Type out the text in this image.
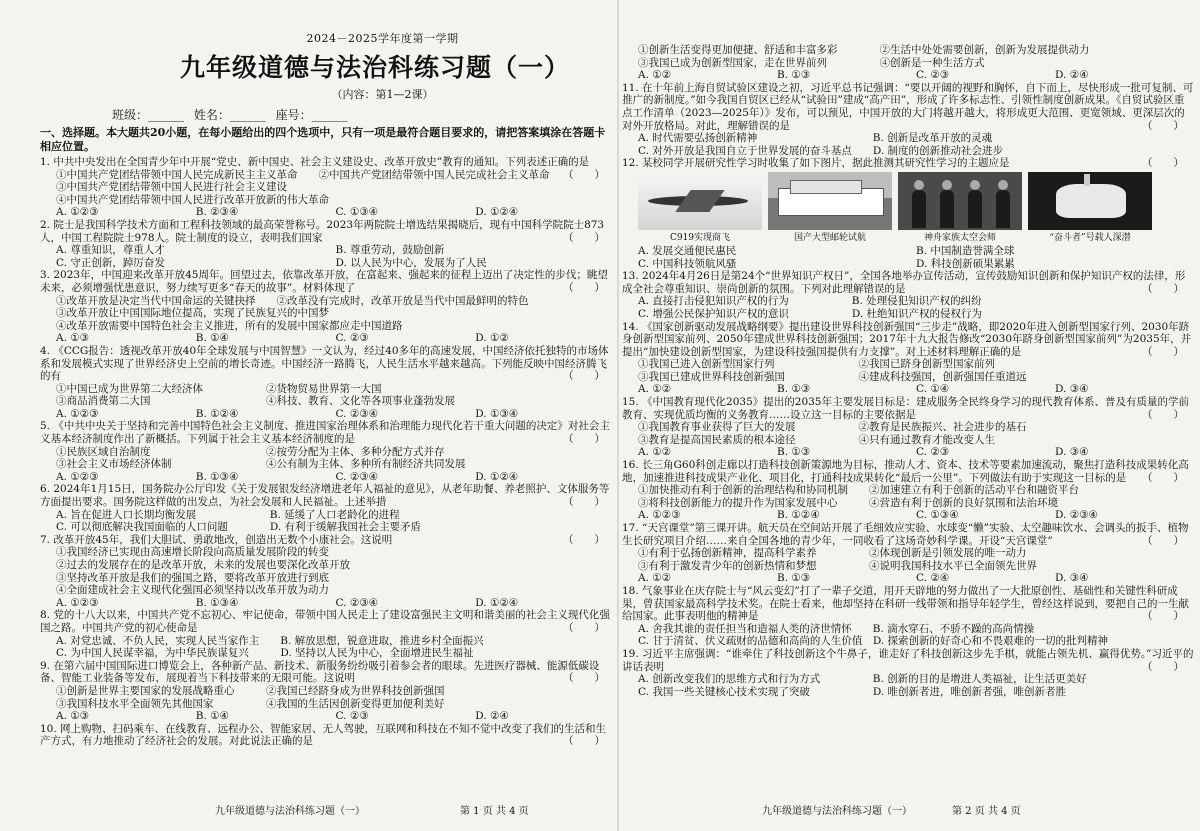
2024－2025学年度第一学期
九年级道德与法治科练习题（一）
（内容：第1—2课）
班级：______ 姓名：______ 座号：______
一、选择题。本大题共20小题，在每小题给出的四个选项中，只有一项是最符合题目要求的，请把答案填涂在答题卡相应位置。
1. 中共中央发出在全国青少年中开展“党史、新中国史、社会主义建设史、改革开放史”教育的通知。下列表述正确的是
（　　）
①中国共产党团结带领中国人民完成新民主主义革命　　②中国共产党团结带领中国人民完成社会主义革命
③中国共产党团结带领中国人民进行社会主义建设
④中国共产党团结带领中国人民进行改革开放新的伟大革命
A. ①②③	B. ②③④	C. ①③④	D. ①②④
2. 院士是我国科学技术方面和工程科技领域的最高荣誉称号。2023年两院院士增选结果揭晓后，现有中国科学院院士873人，中国工程院院士978人。院士制度的设立，表明我们国家	（　　）
A. 尊重知识，尊重人才	B. 尊重劳动，鼓励创新
C. 守正创新，踔厉奋发	D. 以人民为中心，发展为了人民
3. 2023年，中国迎来改革开放45周年。回望过去，依靠改革开放，在富起来、强起来的征程上迈出了决定性的步伐；眺望未来，必须增强忧患意识，努力续写更多“春天的故事”。材料体现了	（　　）
①改革开放是决定当代中国命运的关键抉择　　②改革没有完成时，改革开放是当代中国最鲜明的特色
③改革开放让中国国际地位提高，实现了民族复兴的中国梦
④改革开放需要中国特色社会主义推进，所有的发展中国家都应走中国道路
A. ①③	B. ①④	C. ②③	D. ①②
4. 《CCG报告：透视改革开放40年全球发展与中国智慧》一文认为，经过40多年的高速发展，中国经济依托独特的市场体系和发展模式实现了世界经济史上空前的增长奇迹。中国经济一路腾飞，人民生活水平越来越高。下列能反映中国经济腾飞的有	（　　）
①中国已成为世界第二大经济体　　　　　　②货物贸易世界第一大国
③商品消费第二大国　　　　　　　　　　　④科技、教育、文化等各项事业蓬勃发展
A. ①②③	B. ①②④	C. ②③④	D. ①③④
5. 《中共中央关于坚持和完善中国特色社会主义制度、推进国家治理体系和治理能力现代化若干重大问题的决定》对社会主义基本经济制度作出了新概括。下列属于社会主义基本经济制度的是	（　　）
①民族区域自治制度　　　　　　　　　　　②按劳分配为主体、多种分配方式并存
③社会主义市场经济体制　　　　　　　　　④公有制为主体、多种所有制经济共同发展
A. ①②③	B. ①③④	C. ②③④	D. ①②④
6. 2024年1月15日，国务院办公厅印发《关于发展银发经济增进老年人福祉的意见》，从老年助餐、养老照护、文体服务等方面提出要求。国务院这样做的出发点，为社会发展和人民福祉。上述举措	（　　）
A. 旨在促进人口长期均衡发展　　　　　　　B. 延缓了人口老龄化的进程
C. 可以彻底解决我国面临的人口问题　　　　D. 有利于缓解我国社会主要矛盾
7. 改革开放45年，我们大胆试、勇敢地改，创造出无数个小康社会。这说明	（　　）
①我国经济已实现由高速增长阶段向高质量发展阶段的转变
②过去的发展存在的是改革开放，未来的发展也要深化改革开放
③坚持改革开放是我们的强国之路，要将改革开放进行到底
④全面建成社会主义现代化强国必须坚持以改革开放为动力
A. ①②③	B. ①③④	C. ②③④	D. ①②④
8. 党的十八大以来，中国共产党不忘初心、牢记使命，带领中国人民走上了建设富强民主文明和谐美丽的社会主义现代化强国之路。中国共产党的初心使命是	（　　）
A. 对党忠诚、不负人民，实现人民当家作主　　B. 解放思想，锐意进取，推进乡村全面振兴
C. 为中国人民谋幸福，为中华民族谋复兴　　　D. 坚持以人民为中心，全面增进民生福祉
9. 在第六届中国国际进口博览会上，各种新产品、新技术、新服务纷纷吸引着参会者的眼球。先进医疗器械、能源低碳设备、智能工业装备等发布，展现着当下科技带来的无限可能。这说明	（　　）
①创新是世界主要国家的发展战略重心　　　②我国已经跻身成为世界科技创新强国
③我国科技水平全面领先其他国家　　　　　④我国的生活因创新变得更加便利美好
A. ①③	B. ①④	C. ②③	D. ②④
10. 网上购物、扫码乘车、在线教育、远程办公、智能家居、无人驾驶，互联网和科技在不知不觉中改变了我们的生活和生产方式，有力地推动了经济社会的发展。对此说法正确的是	（　　）
九年级道德与法治科练习题（一）	第 1 页 共 4 页
①创新生活变得更加便捷、舒适和丰富多彩　　　　②生活中处处需要创新，创新为发展提供动力
③我国已成为创新型国家，走在世界前列　　　　　④创新是一种生活方式
A. ①②	B. ①③	C. ②③	D. ②④
11. 在十年前上海自贸试验区建设之初，习近平总书记强调：“要以开阔的视野和胸怀，自下而上，尽快形成一批可复制、可推广的新制度。”如今我国自贸区已经从“试验田”建成“高产田”，形成了许多标志性、引领性制度创新成果。《自贸试验区重点工作清单（2023—2025年）》发布，可以预见，中国开放的大门将越开越大，将形成更大范围、更宽领域、更深层次的对外开放格局。对此，理解错误的是	（　　）
A. 时代需要弘扬创新精神　　　　　　　　　　　B. 创新是改革开放的灵魂
C. 对外开放是我国自立于世界发展的奋斗基点　　D. 制度的创新推动社会进步
12. 某校同学开展研究性学习时收集了如下图片，据此推测其研究性学习的主题应是	（　　）
C919实现商飞	国产大型邮轮试航	神舟家族太空会师	“奋斗者”号载人深潜
A. 发展交通便民惠民	B. 中国制造誉满全球
C. 中国科技领航风骚	D. 科技创新硕果累累
13. 2024年4月26日是第24个“世界知识产权日”，全国各地举办宣传活动，宣传鼓励知识创新和保护知识产权的法律，形成全社会尊重知识、崇尚创新的氛围。下列对此理解错误的是	（　　）
A. 直接打击侵犯知识产权的行为　　　　　　B. 处理侵犯知识产权的纠纷
C. 增强公民保护知识产权的意识　　　　　　D. 杜绝知识产权的侵权行为
14. 《国家创新驱动发展战略纲要》提出建设世界科技创新强国“三步走”战略，即2020年进入创新型国家行列、2030年跻身创新型国家前列、2050年建成世界科技创新强国；2017年十九大报告修改“2030年跻身创新型国家前列”为2035年，并提出“加快建设创新型国家，为建设科技强国提供有力支撑”。对上述材料理解正确的是	（　　）
①我国已进入创新型国家行列　　　　　　　　②我国已跻身创新型国家前列
③我国已建成世界科技创新强国　　　　　　　④建成科技强国，创新强国任重道远
A. ①②	B. ①③	C. ①④	D. ③④
15. 《中国教育现代化2035》提出的2035年主要发展目标是：建成服务全民终身学习的现代教育体系、普及有质量的学前教育、实现优质均衡的义务教育……设立这一目标的主要依据是	（　　）
①我国教育事业获得了巨大的发展　　　　　　②教育是民族振兴、社会进步的基石
③教育是提高国民素质的根本途径　　　　　　④只有通过教育才能改变人生
A. ①②	B. ①③	C. ②③	D. ③④
16. 长三角G60科创走廊以打造科技创新策源地为目标，推动人才、资本、技术等要素加速流动，聚焦打造科技成果转化高地，加速推进科技成果产业化、项目化，打通科技成果转化“最后一公里”。下列做法有助于实现这一目标的是 （　　）
①加快推动有利于创新的治理结构和协同机制　　②加速建立有利于创新的活动平台和融资平台
③将科技创新能力的提升作为国家发展中心　　　④营造有利于创新的良好氛围和法治环境
A. ①②③	B. ①②④	C. ①③④	D. ②③④
17. “天宫课堂”第三课开讲。航天员在空间站开展了毛细效应实验、水球变“懒”实验、太空趣味饮水、会调头的扳手、植物生长研究项目介绍……来自全国各地的青少年，一同收看了这场奇妙科学课。开设“天宫课堂”	（　　）
①有利于弘扬创新精神，提高科学素养　　　　　②体现创新是引领发展的唯一动力
③有利于激发青少年的创新热情和梦想　　　　　④说明我国科技水平已全面领先世界
A. ①②	B. ①③	C. ②④	D. ③④
18. 气象事业在庆存院士与“风云变幻”打了一辈子交道，用开天辟地的努力做出了一大批原创性、基础性和关键性科研成果，曾获国家最高科学技术奖。在院士看来，他却坚持在科研一线带领和指导年轻学生，曾经这样说到，要把自己的一生献给国家。此事表明他的精神是	（　　）
A. 舍我其谁的责任担当和造福人类的济世情怀　　B. 滴水穿石、不骄不躁的高尚情操
C. 甘于清贫、伏义疏财的品德和高尚的人生价值　D. 探索创新的好奇心和不畏艰难的一切的批判精神
19. 习近平主席强调：“谁牵住了科技创新这个牛鼻子，谁走好了科技创新这步先手棋，就能占领先机、赢得优势。”习近平的讲话表明	（　　）
A. 创新改变我们的思维方式和行为方式　　　　　B. 创新的目的是增进人类福祉，让生活更美好
C. 我国一些关键核心技术实现了突破　　　　　　D. 唯创新者进，唯创新者强，唯创新者胜
九年级道德与法治科练习题（一）	第 2 页 共 4 页
